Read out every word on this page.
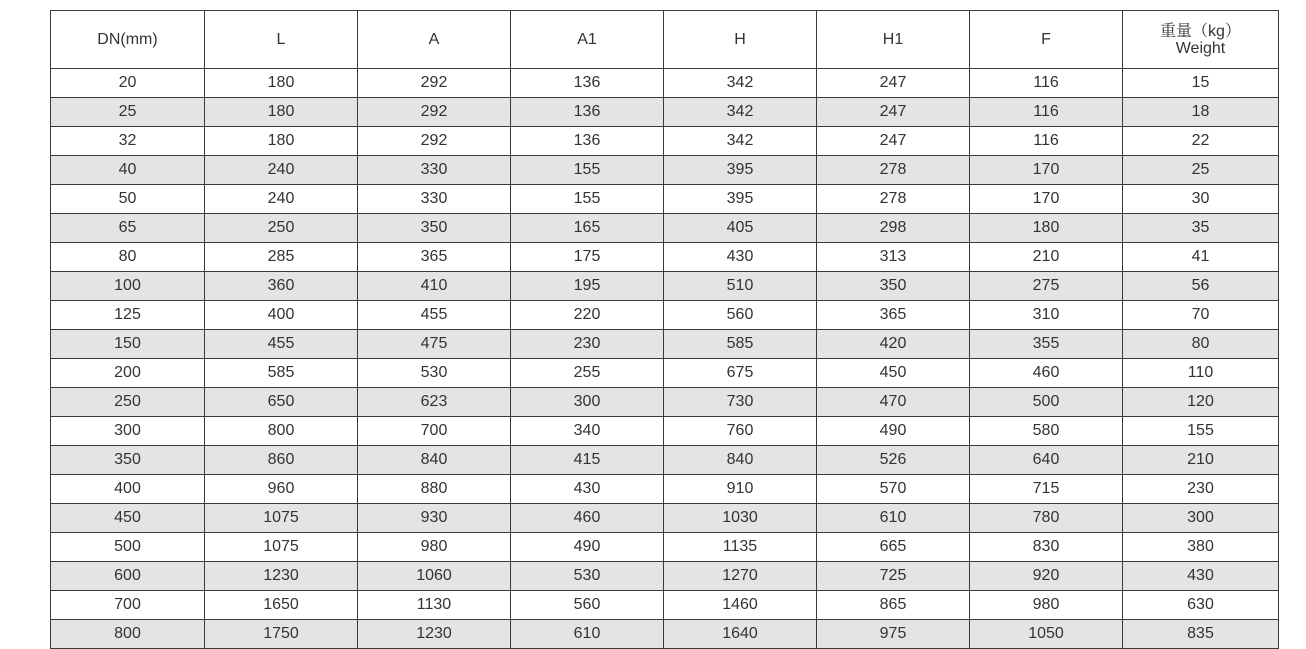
DN(mm)	L	A	A1	H	H1	F	重量（kg）
Weight

20	180	292	136	342	247	116	15
25	180	292	136	342	247	116	18
32	180	292	136	342	247	116	22
40	240	330	155	395	278	170	25
50	240	330	155	395	278	170	30
65	250	350	165	405	298	180	35
80	285	365	175	430	313	210	41
100	360	410	195	510	350	275	56
125	400	455	220	560	365	310	70
150	455	475	230	585	420	355	80
200	585	530	255	675	450	460	110
250	650	623	300	730	470	500	120
300	800	700	340	760	490	580	155
350	860	840	415	840	526	640	210
400	960	880	430	910	570	715	230
450	1075	930	460	1030	610	780	300
500	1075	980	490	1135	665	830	380
600	1230	1060	530	1270	725	920	430
700	1650	1130	560	1460	865	980	630
800	1750	1230	610	1640	975	1050	835
